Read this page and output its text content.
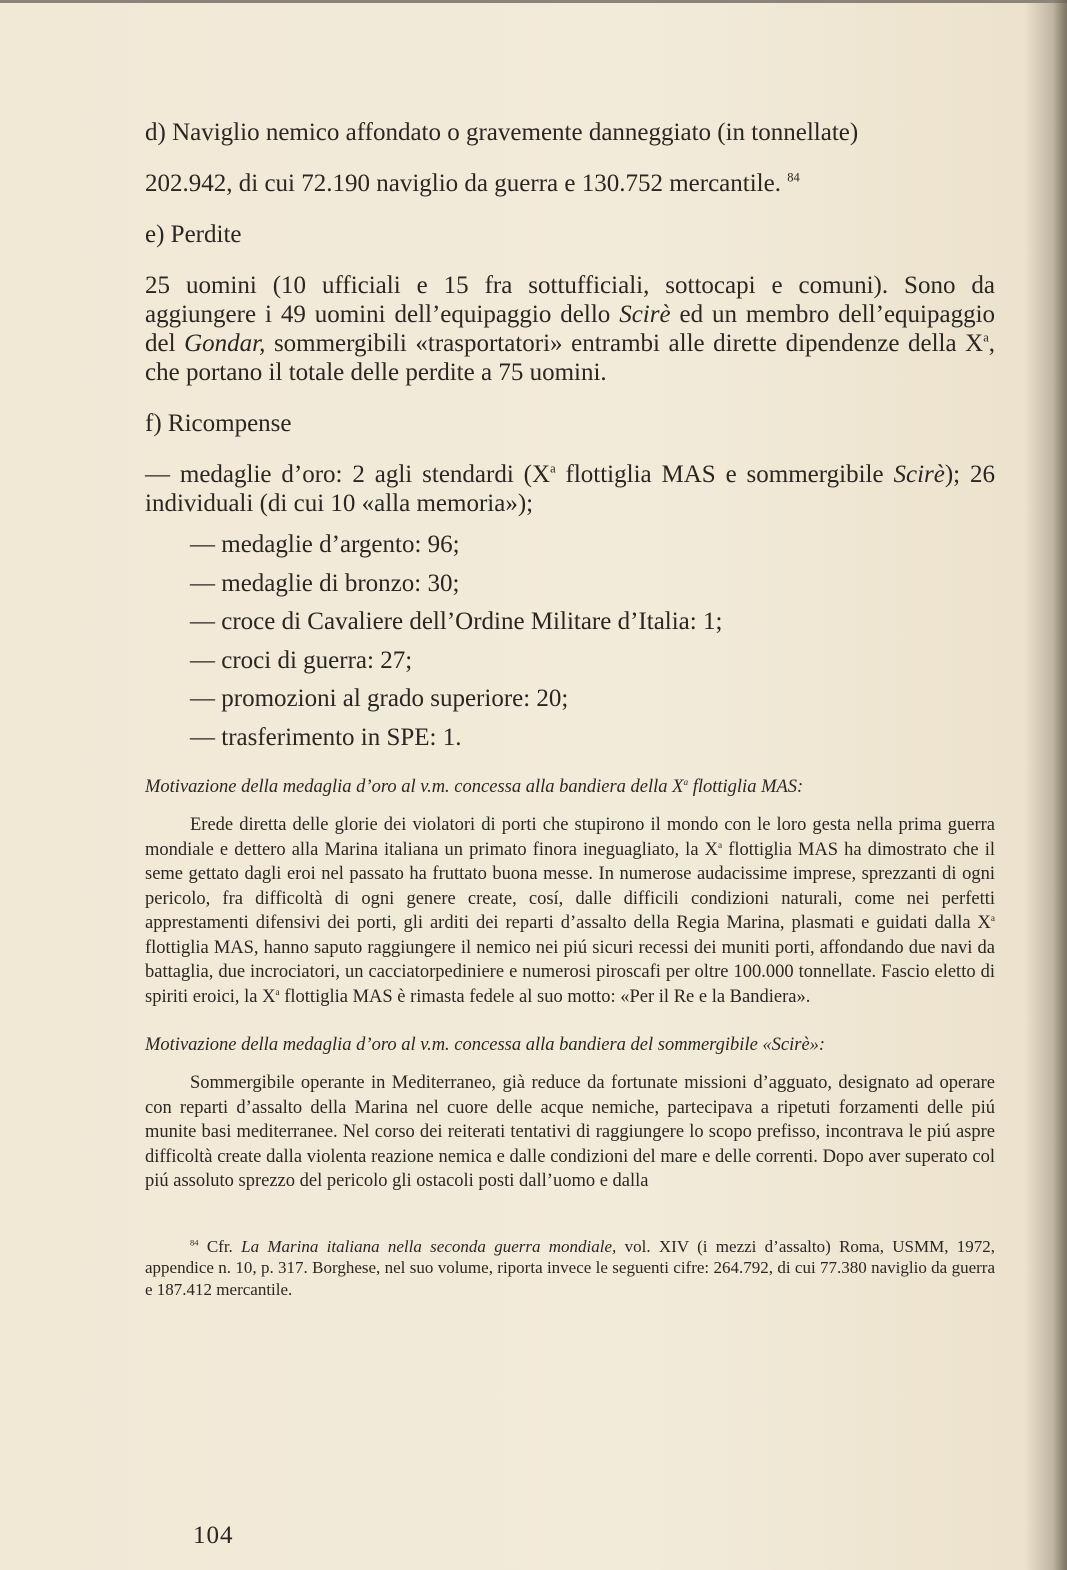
d) Naviglio nemico affondato o gravemente danneggiato (in tonnellate)

202.942, di cui 72.190 naviglio da guerra e 130.752 mercantile. $^{84}$

e) Perdite

25 uomini (10 ufficiali e 15 fra sottufficiali, sottocapi e comuni). Sono da aggiungere i 49 uomini dell’equipaggio dello Scirè ed un membro dell’equipaggio del Gondar, sommergibili «trasportatori» entrambi alle dirette dipendenze della $X^a$, che portano il totale delle perdite a 75 uomini.

f) Ricompense

— medaglie d’oro: 2 agli stendardi ($X^a$ flottiglia MAS e sommergibile Scirè); 26 individuali (di cui 10 «alla memoria»);

— medaglie d’argento: 96;

— medaglie di bronzo: 30;

— croce di Cavaliere dell’Ordine Militare d’Italia: 1;

— croci di guerra: 27;

— promozioni al grado superiore: 20;

— trasferimento in SPE: 1.

Motivazione della medaglia d’oro al v.m. concessa alla bandiera della $X^a$ flottiglia MAS:

Erede diretta delle glorie dei violatori di porti che stupirono il mondo con le loro gesta nella prima guerra mondiale e dettero alla Marina italiana un primato finora ineguagliato, la $X^a$ flottiglia MAS ha dimostrato che il seme gettato dagli eroi nel passato ha fruttato buona messe. In numerose audacissime imprese, sprezzanti di ogni pericolo, fra difficoltà di ogni genere create, cosí, dalle difficili condizioni naturali, come nei perfetti apprestamenti difensivi dei porti, gli arditi dei reparti d’assalto della Regia Marina, plasmati e guidati dalla $X^a$ flottiglia MAS, hanno saputo raggiungere il nemico nei piú sicuri recessi dei muniti porti, affondando due navi da battaglia, due incrociatori, un cacciatorpediniere e numerosi piroscafi per oltre 100.000 tonnellate. Fascio eletto di spiriti eroici, la $X^a$ flottiglia MAS è rimasta fedele al suo motto: «Per il Re e la Bandiera».

Motivazione della medaglia d’oro al v.m. concessa alla bandiera del sommergibile «Scirè»:

Sommergibile operante in Mediterraneo, già reduce da fortunate missioni d’agguato, designato ad operare con reparti d’assalto della Marina nel cuore delle acque nemiche, partecipava a ripetuti forzamenti delle piú munite basi mediterranee. Nel corso dei reiterati tentativi di raggiungere lo scopo prefisso, incontrava le piú aspre difficoltà create dalla violenta reazione nemica e dalle condizioni del mare e delle correnti. Dopo aver superato col piú assoluto sprezzo del pericolo gli ostacoli posti dall’uomo e dalla

$^{84}$ Cfr. La Marina italiana nella seconda guerra mondiale, vol. XIV (i mezzi d’assalto) Roma, USMM, 1972, appendice n. 10, p. 317. Borghese, nel suo volume, riporta invece le seguenti cifre: 264.792, di cui 77.380 naviglio da guerra e 187.412 mercantile.

104
